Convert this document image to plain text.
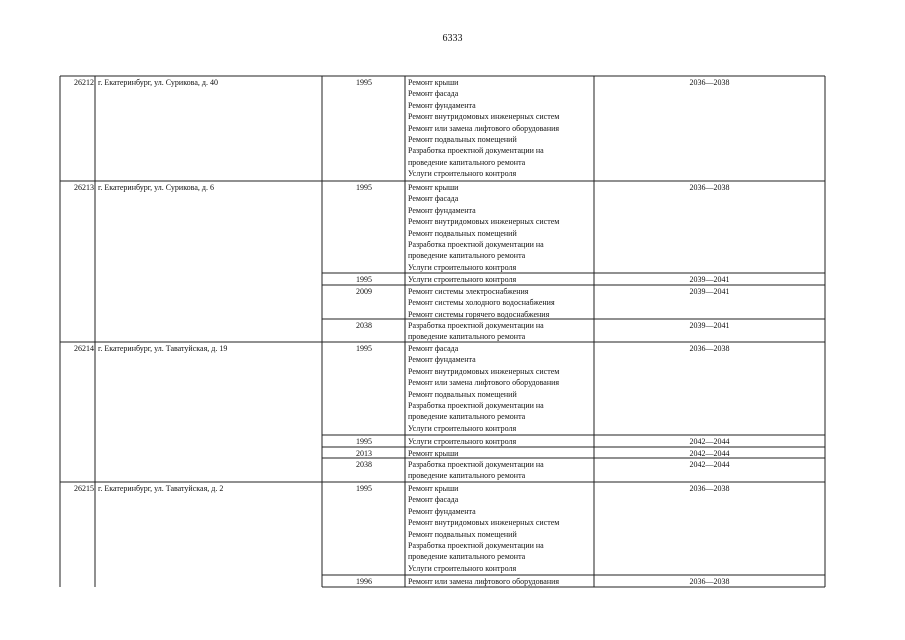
6333
26212 г. Екатеринбург, ул. Сурикова, д. 40	1995	Ремонт крыши
Ремонт фасада
Ремонт фундамента
Ремонт внутридомовых инженерных систем
Ремонт или замена лифтового оборудования
Ремонт подвальных помещений
Разработка проектной документации на
проведение капитального ремонта
Услуги строительного контроля
2036—2038
26213 г. Екатеринбург, ул. Сурикова, д. 6	1995	Ремонт крыши
Ремонт фасада
Ремонт фундамента
Ремонт внутридомовых инженерных систем
Ремонт подвальных помещений
Разработка проектной документации на
проведение капитального ремонта
Услуги строительного контроля
2036—2038
1995	Услуги строительного контроля	2039—2041
2009	Ремонт системы электроснабжения
Ремонт системы холодного водоснабжения
Ремонт системы горячего водоснабжения
2039—2041
2038	Разработка проектной документации на
проведение капитального ремонта
2039—2041
26214 г. Екатеринбург, ул. Таватуйская, д. 19	1995	Ремонт фасада
Ремонт фундамента
Ремонт внутридомовых инженерных систем
Ремонт или замена лифтового оборудования
Ремонт подвальных помещений
Разработка проектной документации на
проведение капитального ремонта
Услуги строительного контроля
2036—2038
1995	Услуги строительного контроля	2042—2044
2013	Ремонт крыши	2042—2044
2038	Разработка проектной документации на
проведение капитального ремонта
2042—2044
26215 г. Екатеринбург, ул. Таватуйская, д. 2	1995	Ремонт крыши
Ремонт фасада
Ремонт фундамента
Ремонт внутридомовых инженерных систем
Ремонт подвальных помещений
Разработка проектной документации на
проведение капитального ремонта
Услуги строительного контроля
2036—2038
1996	Ремонт или замена лифтового оборудования	2036—2038
